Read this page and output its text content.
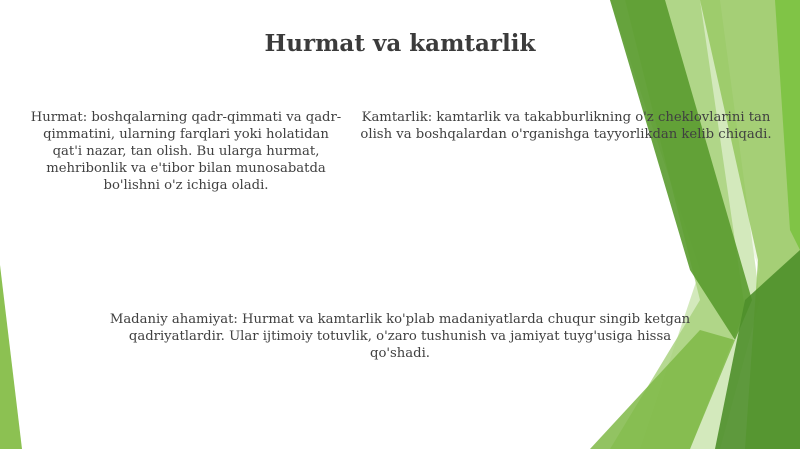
Hurmat va kamtarlik
Hurmat: boshqalarning qadr-qimmati va qadr-qimmatini, ularning farqlari yoki holatidan qat'i nazar, tan olish. Bu ularga hurmat, mehribonlik va e'tibor bilan munosabatda bo'lishni o'z ichiga oladi.
Kamtarlik: kamtarlik va takabburlikning o'z cheklovlarini tan olish va boshqalardan o'rganishga tayyorlikdan kelib chiqadi.
Madaniy ahamiyat: Hurmat va kamtarlik ko'plab madaniyatlarda chuqur singib ketgan qadriyatlardir. Ular ijtimoiy totuvlik, o'zaro tushunish va jamiyat tuyg'usiga hissa qo'shadi.
